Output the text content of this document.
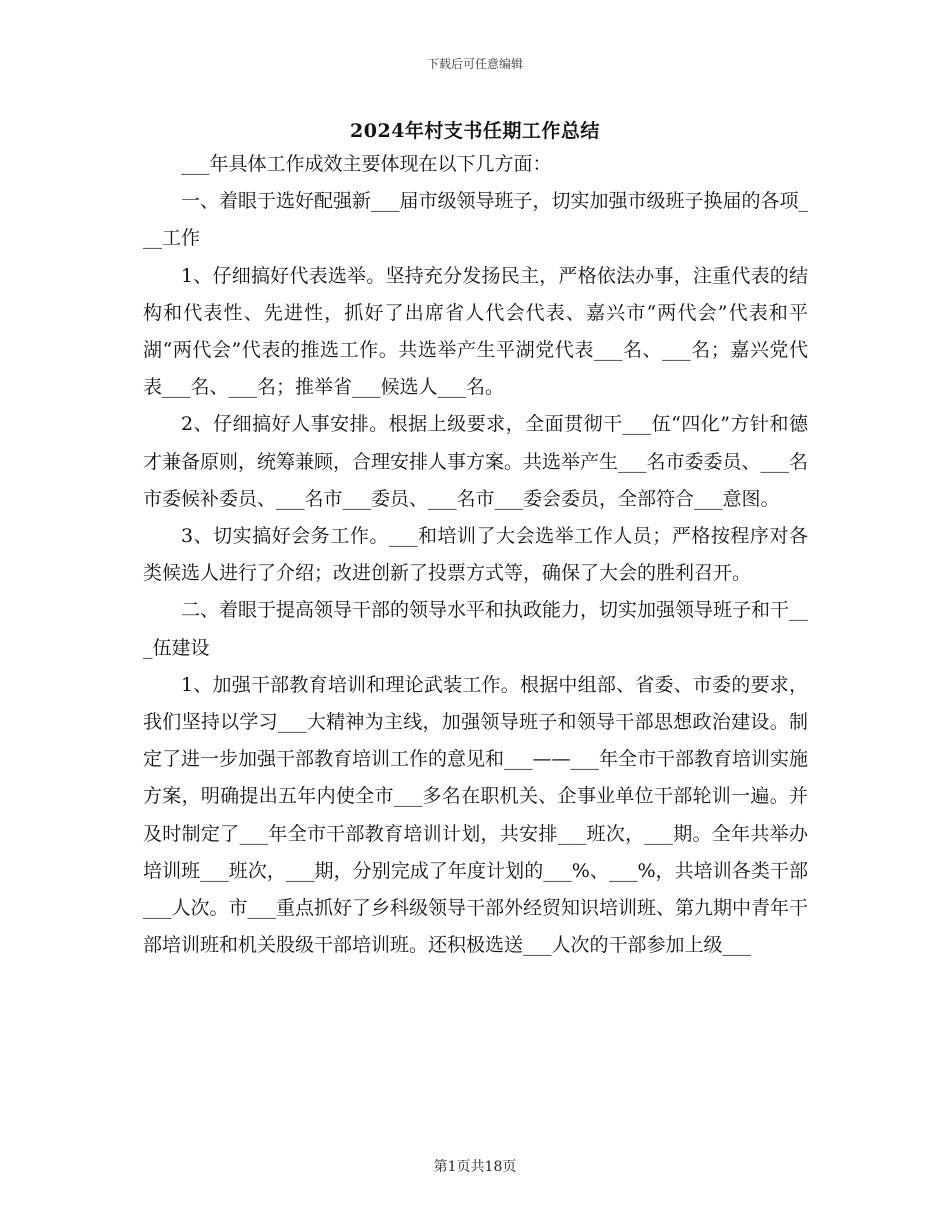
下载后可任意编辑
2024年村支书任期工作总结

___年具体工作成效主要体现在以下几方面：

一、着眼于选好配强新___届市级领导班子，切实加强市级班子换届的各项___工作

1、仔细搞好代表选举。坚持充分发扬民主，严格依法办事，注重代表的结构和代表性、先进性，抓好了出席省人代会代表、嘉兴市“两代会”代表和平湖“两代会”代表的推选工作。共选举产生平湖党代表___名、___名；嘉兴党代表___名、___名；推举省___候选人___名。

2、仔细搞好人事安排。根据上级要求，全面贯彻干___伍“四化”方针和德才兼备原则，统筹兼顾，合理安排人事方案。共选举产生___名市委委员、___名市委候补委员、___名市___委员、___名市___委会委员，全部符合___意图。

3、切实搞好会务工作。___和培训了大会选举工作人员；严格按程序对各类候选人进行了介绍；改进创新了投票方式等，确保了大会的胜利召开。

二、着眼于提高领导干部的领导水平和执政能力，切实加强领导班子和干___伍建设

1、加强干部教育培训和理论武装工作。根据中组部、省委、市委的要求，我们坚持以学习___大精神为主线，加强领导班子和领导干部思想政治建设。制定了进一步加强干部教育培训工作的意见和___——___年全市干部教育培训实施方案，明确提出五年内使全市___多名在职机关、企事业单位干部轮训一遍。并及时制定了___年全市干部教育培训计划，共安排___班次，___期。全年共举办培训班___班次，___期，分别完成了年度计划的___%、___%，共培训各类干部___人次。市___重点抓好了乡科级领导干部外经贸知识培训班、第九期中青年干部培训班和机关股级干部培训班。还积极选送___人次的干部参加上级___

第1页共18页
